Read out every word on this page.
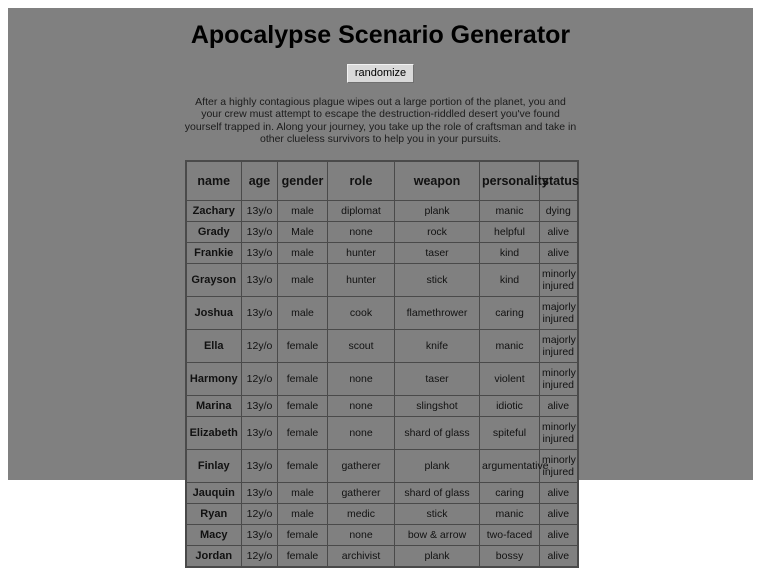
Apocalypse Scenario Generator
randomize

After a highly contagious plague wipes out a large portion of the planet, you and your crew must attempt to escape the destruction-riddled desert you've found yourself trapped in. Along your journey, you take up the role of craftsman and take in other clueless survivors to help you in your pursuits.

name	age	gender	role	weapon	personality	status
Zachary	13y/o	male	diplomat	plank	manic	dying
Grady	13y/o	Male	none	rock	helpful	alive
Frankie	13y/o	male	hunter	taser	kind	alive
Grayson	13y/o	male	hunter	stick	kind	minorly injured
Joshua	13y/o	male	cook	flamethrower	caring	majorly injured
Ella	12y/o	female	scout	knife	manic	majorly injured
Harmony	12y/o	female	none	taser	violent	minorly injured
Marina	13y/o	female	none	slingshot	idiotic	alive
Elizabeth	13y/o	female	none	shard of glass	spiteful	minorly injured
Finlay	13y/o	female	gatherer	plank	argumentative	minorly injured
Jauquin	13y/o	male	gatherer	shard of glass	caring	alive
Ryan	12y/o	male	medic	stick	manic	alive
Macy	13y/o	female	none	bow & arrow	two-faced	alive
Jordan	12y/o	female	archivist	plank	bossy	alive
